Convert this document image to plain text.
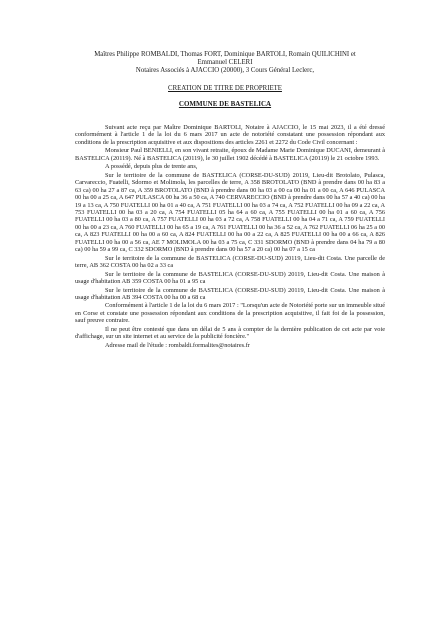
Maîtres Philippe ROMBALDI, Thomas FORT, Dominique BARTOLI, Romain QUILICHINI et
Emmanuel CELERI
Notaires Associés à AJACCIO (20000), 3 Cours Général Leclerc,
CREATION DE TITRE DE PROPRIETE
COMMUNE DE BASTELICA

Suivant acte reçu par Maître Dominique BARTOLI, Notaire à AJACCIO, le 15 mai 2023, il a été dressé conformément à l'article 1 de la loi du 6 mars 2017 un acte de notoriété constatant une possession répondant aux conditions de la prescription acquisitive et aux dispositions des articles 2261 et 2272 du Code Civil concernant :

Monsieur Paul BENIELLI, en son vivant retraite, époux de Madame Marie Dominique DUCANI, demeurant à BASTELICA (20119). Né à BASTELICA (20119), le 30 juillet 1902 décédé à BASTELICA (20119) le 21 octobre 1993.

A possédé, depuis plus de trente ans,

Sur le territoire de la commune de BASTELICA (CORSE-DU-SUD) 20119, Lieu-dit Brotolato, Pulasca, Carvareccio, Fuatelli, Sdormo et Molimola, les parcelles de terre, A 358 BROTOLATO (BND à prendre dans 00 ha 83 a 63 ca) 00 ha 27 a 87 ca, A 359 BROTOLATO (BND à prendre dans 00 ha 03 a 00 ca 00 ha 01 a 00 ca, A 646 PULASCA 00 ha 00 a 25 ca, A 647 PULASCA 00 ha 36 a 50 ca, A 740 CERVARECCIO (BND à prendre dans 00 ha 57 a 40 ca) 00 ha 19 a 13 ca, A 750 FUATELLI 00 ha 01 a 40 ca, A 751 FUATELLI 00 ha 03 a 74 ca, A 752 FUATELLI 00 ha 09 a 22 ca, A 753 FUATELLI 00 ha 03 a 20 ca, A 754 FUATELLI 05 ha 64 a 60 ca, A 755 FUATELLI 00 ha 01 a 60 ca, A 756 FUATELLI 00 ha 03 a 80 ca, A 757 FUATELLI 00 ha 03 a 72 ca, A 758 FUATELLI 00 ha 04 a 71 ca, A 759 FUATELLI 00 ha 00 a 23 ca, A 760 FUATELLI 00 ha 65 a 19 ca, A 761 FUATELLI 00 ha 36 a 52 ca, A 762 FUATELLI 06 ha 25 a 00 ca, A 823 FUATELLI 00 ha 00 a 60 ca, A 824 FUATELLI 00 ha 00 a 22 ca, A 825 FUATELLI 00 ha 00 a 66 ca, A 826 FUATELLI 00 ha 00 a 56 ca, AE 7 MOLIMOLA 00 ha 03 a 75 ca, C 331 SDORMO (BND à prendre dans 04 ha 79 a 80 ca) 00 ha 59 a 99 ca, C 332 SDORMO (BND à prendre dans 00 ha 57 a 20 ca) 00 ha 07 a 15 ca

Sur le territoire de la commune de BASTELICA (CORSE-DU-SUD) 20119, Lieu-dit Costa. Une parcelle de terre, AB 362 COSTA 00 ha 02 a 33 ca

Sur le territoire de la commune de BASTELICA (CORSE-DU-SUD) 20119, Lieu-dit Costa. Une maison à usage d'habitation AB 359 COSTA 00 ha 01 a 95 ca

Sur le territoire de la commune de BASTELICA (CORSE-DU-SUD) 20119, Lieu-dit Costa. Une maison à usage d'habitation AB 394 COSTA 00 ha 00 a 68 ca

Conformément à l'article 1 de la loi du 6 mars 2017 : "Lorsqu'un acte de Notoriété porte sur un immeuble situé en Corse et constate une possession répondant aux conditions de la prescription acquisitive, il fait foi de la possession, sauf preuve contraire.

Il ne peut être contesté que dans un délai de 5 ans à compter de la dernière publication de cet acte par voie d'affichage, sur un site internet et au service de la publicité foncière."

Adresse mail de l'étude : rombaldi.formalites@notaires.fr
